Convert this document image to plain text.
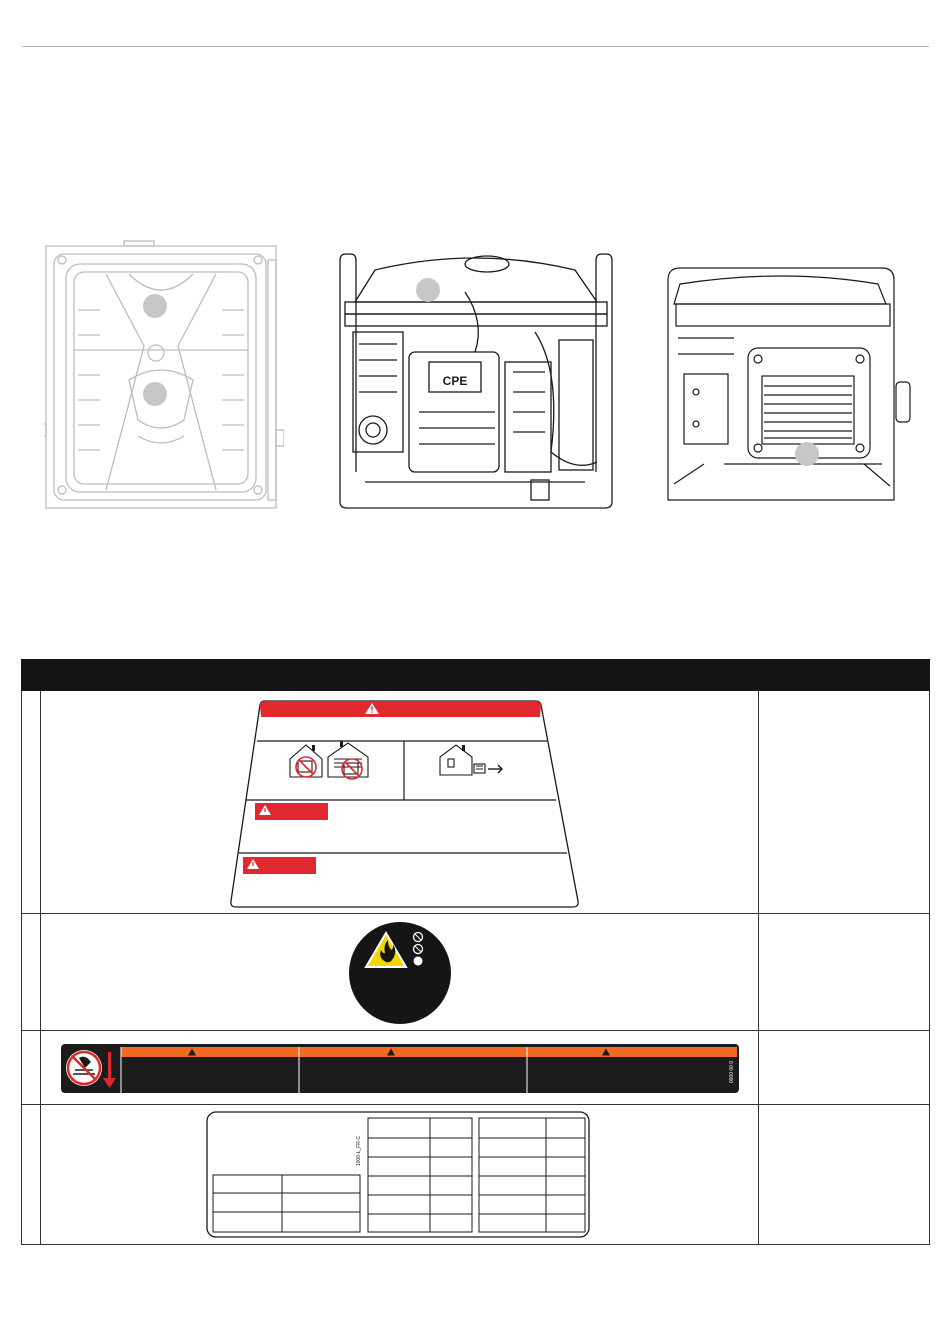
CPE
0000 00 0
1000-L_FR-C
